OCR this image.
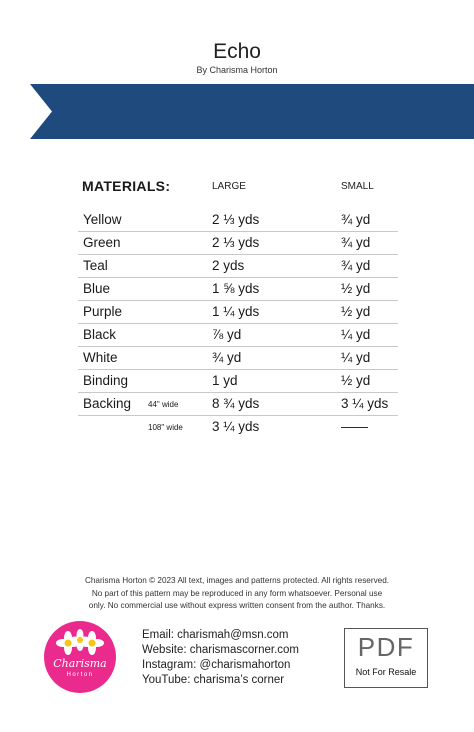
Echo
By Charisma Horton
MATERIALS:	LARGE	SMALL
Yellow	2 ⅓ yds	¾ yd
Green	2 ⅓ yds	¾ yd
Teal	2 yds	¾ yd
Blue	1 ⅝ yds	½ yd
Purple	1 ¼ yds	½ yd
Black	⅞ yd	¼ yd
White	¾ yd	¼ yd
Binding	1 yd	½ yd
Backing 44" wide 8 ¾ yds	3 ¼ yds
108" wide 3 ¼ yds	——
Charisma Horton © 2023 All text, images and patterns protected. All rights reserved.
No part of this pattern may be reproduced in any form whatsoever. Personal use
only. No commercial use without express written consent from the author. Thanks.
Charisma
Horton
Email: charismah@msn.com
Website: charismascorner.com
Instagram: @charismahorton
YouTube: charisma’s corner
PDF
Not For Resale
